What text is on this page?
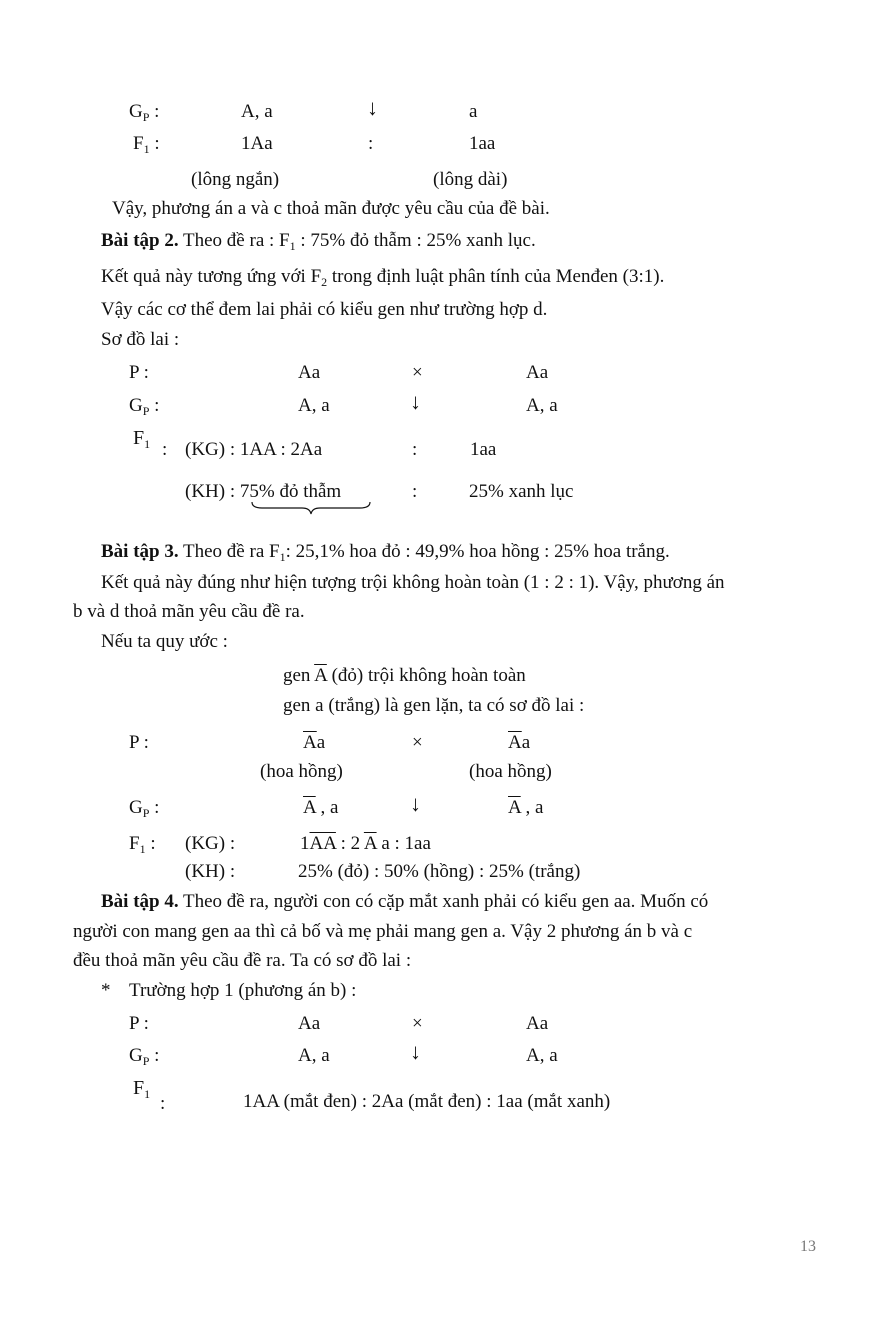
$G_P$ :	A, a	↓	a
$F_1$ :	1Aa	:	1aa
(lông ngắn)	(lông dài)
Vậy, phương án a và c thoả mãn được yêu cầu của đề bài.
Bài tập 2. Theo đề ra : $F_1$ : 75% đỏ thẫm : 25% xanh lục.
Kết quả này tương ứng với $F_2$ trong định luật phân tính của Menđen (3:1).
Vậy các cơ thể đem lai phải có kiểu gen như trường hợp d.
Sơ đồ lai :
P :	Aa	×	Aa
$G_P$ :	A, a	↓	A, a
$F_1$ : (KG) : 1AA : 2Aa	:	1aa
(KH) : 75% đỏ thẫm	:	25% xanh lục
Bài tập 3. Theo đề ra $F_1$: 25,1% hoa đỏ : 49,9% hoa hồng : 25% hoa trắng.
Kết quả này đúng như hiện tượng trội không hoàn toàn (1 : 2 : 1). Vậy, phương án
b và d thoả mãn yêu cầu đề ra.
Nếu ta quy ước :
gen $\overline{A}$ (đỏ) trội không hoàn toàn
gen a (trắng) là gen lặn, ta có sơ đồ lai :
P :	$\overline{A}a$	×	$\overline{A}a$
(hoa hồng)	(hoa hồng)
$G_P$ :	$\overline{A}$ , a	↓	$\overline{A}$ , a
$F_1$ : (KG) :	$1\overline{AA}$ : 2 $\overline{A}$ a : 1aa
(KH) :	25% (đỏ) : 50% (hồng) : 25% (trắng)
Bài tập 4. Theo đề ra, người con có cặp mắt xanh phải có kiểu gen aa. Muốn có
người con mang gen aa thì cả bố và mẹ phải mang gen a. Vậy 2 phương án b và c
đều thoả mãn yêu cầu đề ra. Ta có sơ đồ lai :
* Trường hợp 1 (phương án b) :
P :	Aa	×	Aa
$G_P$ :	A, a	↓	A, a
$F_1$ :	1AA (mắt đen) : 2Aa (mắt đen) : 1aa (mắt xanh)
13
